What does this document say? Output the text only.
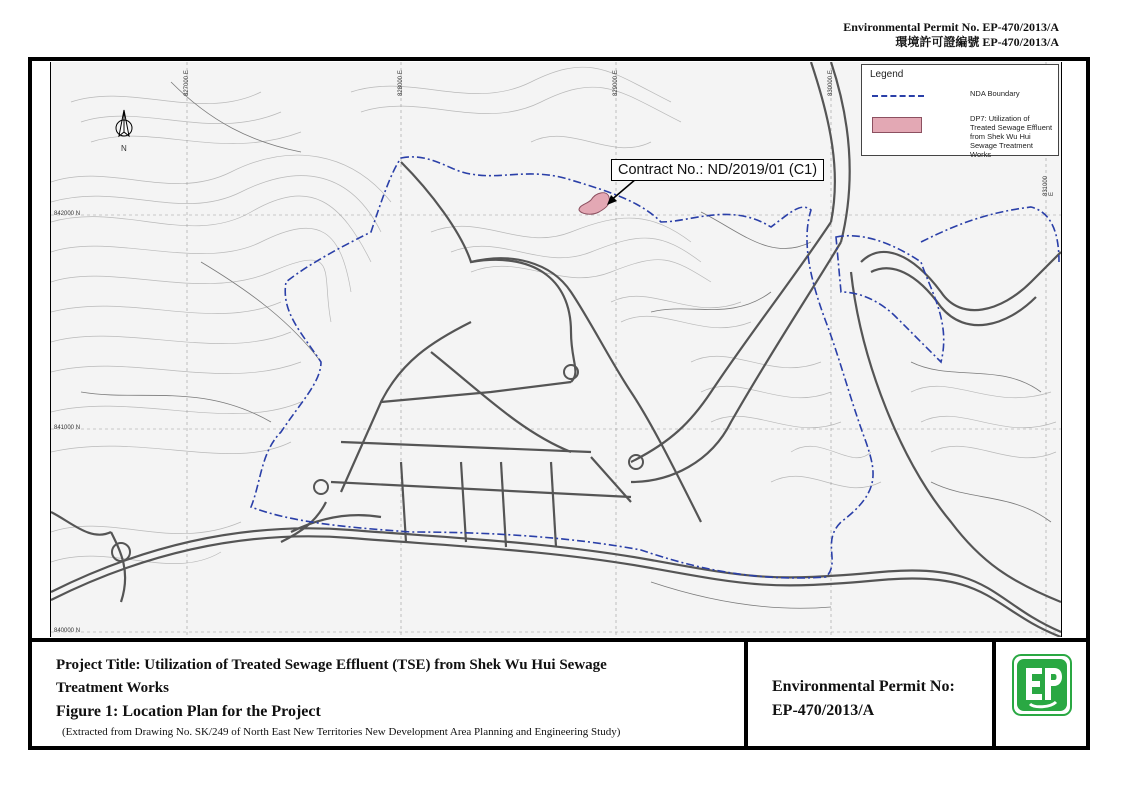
Environmental Permit No. EP-470/2013/A
環境許可證編號 EP-470/2013/A
827000 E	828000 E	829000 E	830000 E
831000 E
842000 N
841000 N
840000 N
N
Legend
NDA Boundary
DP7: Utilization of Treated Sewage Effluent from Shek Wu Hui Sewage Treatment Works
Contract No.: ND/2019/01 (C1)
Project Title: Utilization of Treated Sewage Effluent (TSE) from Shek Wu Hui Sewage
Treatment Works
Figure 1: Location Plan for the Project
(Extracted from Drawing No. SK/249 of North East New Territories New Development Area Planning and Engineering Study)
Environmental Permit No:
EP-470/2013/A
